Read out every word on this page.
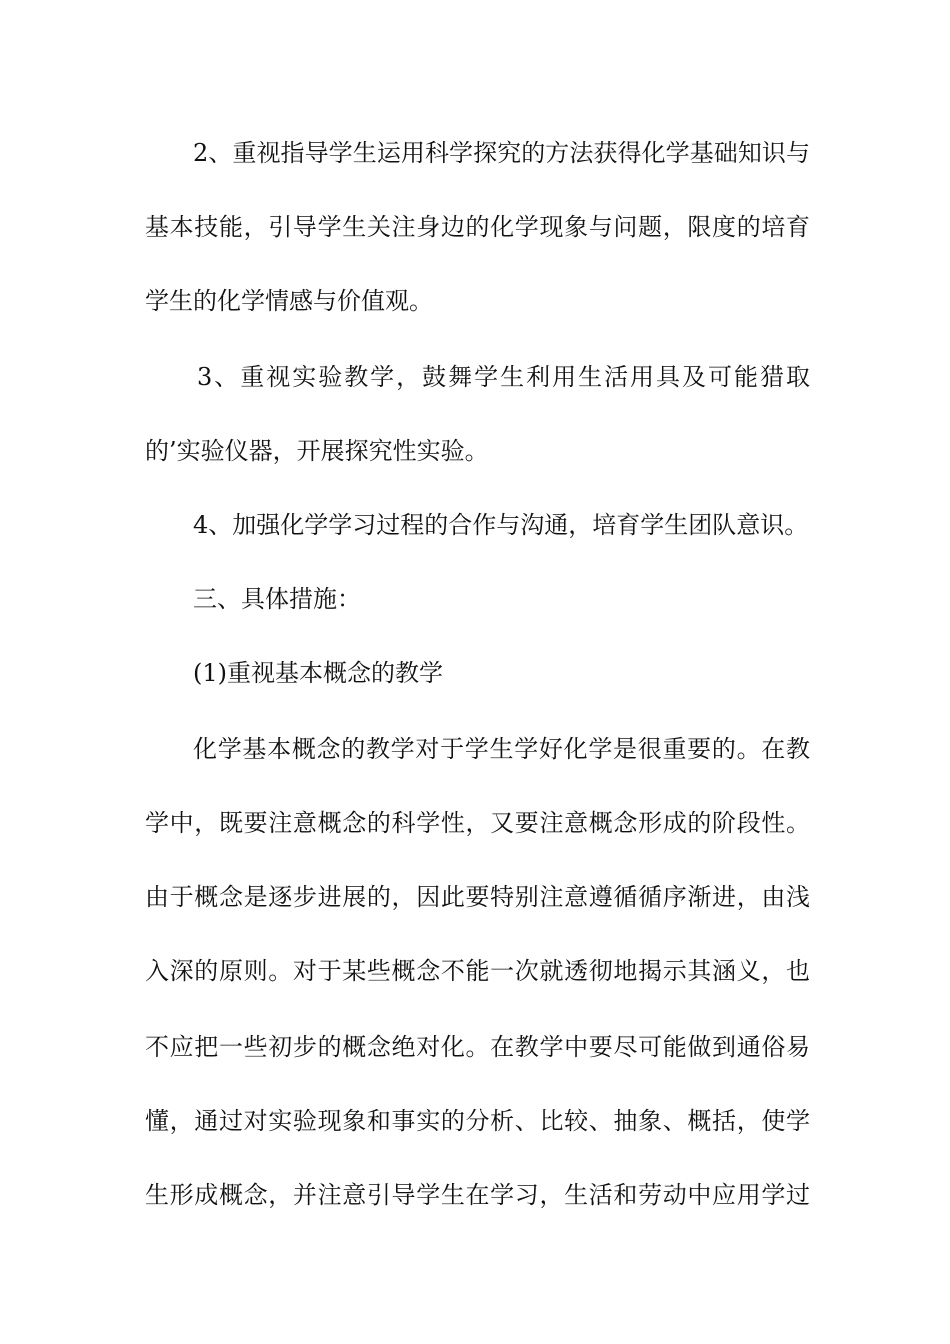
2、重视指导学生运用科学探究的方法获得化学基础知识与
基本技能，引导学生关注身边的化学现象与问题，限度的培育
学生的化学情感与价值观。
3、重视实验教学，鼓舞学生利用生活用具及可能猎取
的’实验仪器，开展探究性实验。
4、加强化学学习过程的合作与沟通，培育学生团队意识。
三、具体措施：
(1)重视基本概念的教学
化学基本概念的教学对于学生学好化学是很重要的。在教
学中，既要注意概念的科学性，又要注意概念形成的阶段性。
由于概念是逐步进展的，因此要特别注意遵循循序渐进，由浅
入深的原则。对于某些概念不能一次就透彻地揭示其涵义，也
不应把一些初步的概念绝对化。在教学中要尽可能做到通俗易
懂，通过对实验现象和事实的分析、比较、抽象、概括，使学
生形成概念，并注意引导学生在学习，生活和劳动中应用学过
